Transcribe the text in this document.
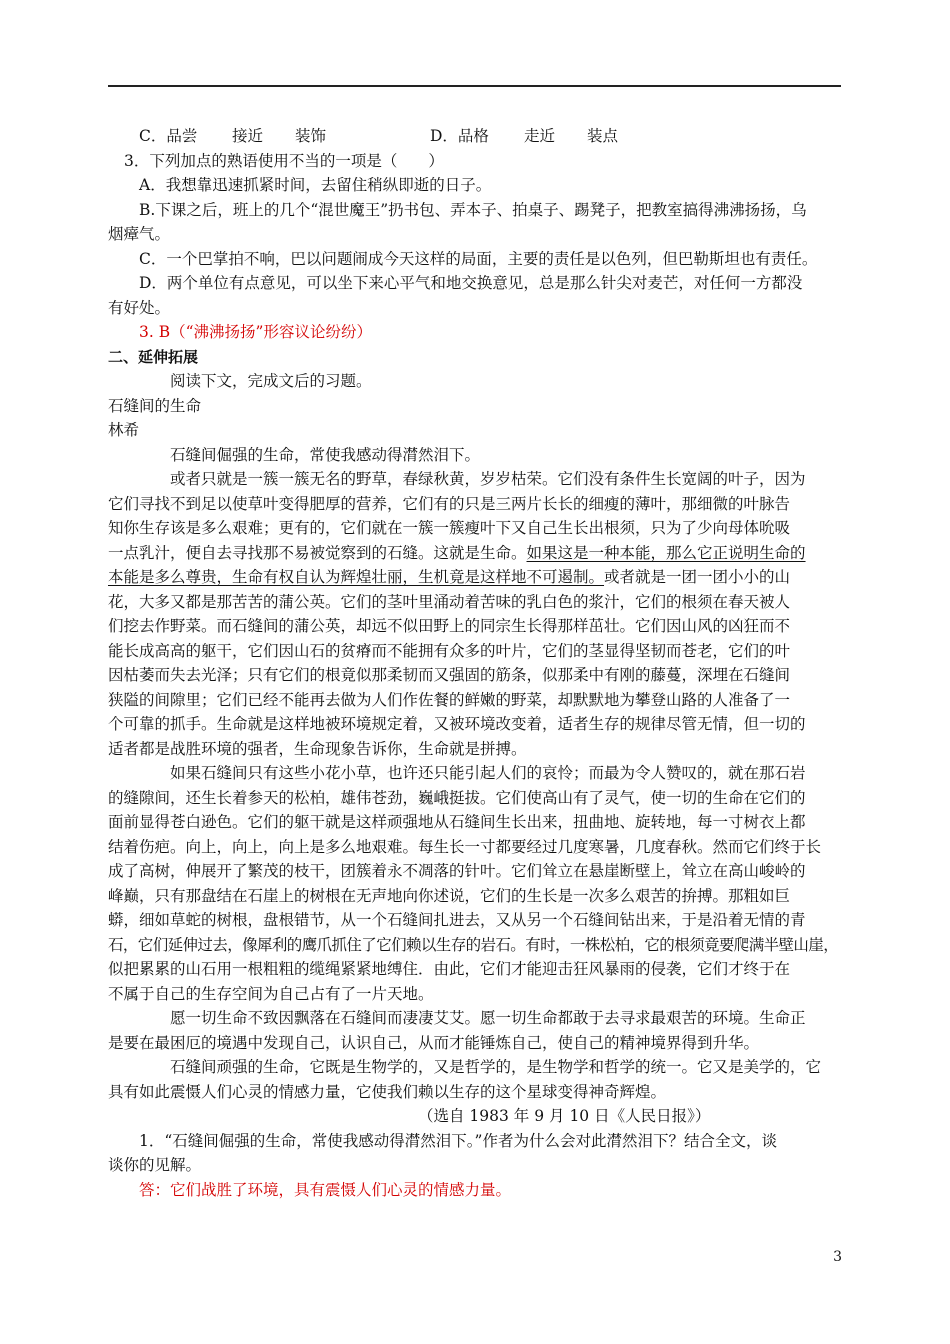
C．品尝 接近 装饰	D．品格 走近 装点
3．下列加点的熟语使用不当的一项是（　　）
A．我想靠迅速抓紧时间，去留住稍纵即逝的日子。
B.下课之后，班上的几个“混世魔王”扔书包、弄本子、拍桌子、踢凳子，把教室搞得沸沸扬扬，乌
烟瘴气。
C．一个巴掌拍不响，巴以问题闹成今天这样的局面，主要的责任是以色列，但巴勒斯坦也有责任。
D．两个单位有点意见，可以坐下来心平气和地交换意见，总是那么针尖对麦芒，对任何一方都没
有好处。
3. B（“沸沸扬扬”形容议论纷纷）
二、延伸拓展
阅读下文，完成文后的习题。
石缝间的生命
林希
石缝间倔强的生命，常使我感动得潸然泪下。
或者只就是一簇一簇无名的野草，春绿秋黄，岁岁枯荣。它们没有条件生长宽阔的叶子，因为
它们寻找不到足以使草叶变得肥厚的营养，它们有的只是三两片长长的细瘦的薄叶，那细微的叶脉告
知你生存该是多么艰难；更有的，它们就在一簇一簇瘦叶下又自己生长出根须，只为了少向母体吮吸
一点乳汁，便自去寻找那不易被觉察到的石缝。这就是生命。如果这是一种本能，那么它正说明生命的
本能是多么尊贵，生命有权自认为辉煌壮丽，生机竟是这样地不可遏制。或者就是一团一团小小的山
花，大多又都是那苦苦的蒲公英。它们的茎叶里涌动着苦味的乳白色的浆汁，它们的根须在春天被人
们挖去作野菜。而石缝间的蒲公英，却远不似田野上的同宗生长得那样茁壮。它们因山风的凶狂而不
能长成高高的躯干，它们因山石的贫瘠而不能拥有众多的叶片，它们的茎显得坚韧而苍老，它们的叶
因枯萎而失去光泽；只有它们的根竟似那柔韧而又强固的筋条，似那柔中有刚的藤蔓，深埋在石缝间
狭隘的间隙里；它们已经不能再去做为人们作佐餐的鲜嫩的野菜，却默默地为攀登山路的人准备了一
个可靠的抓手。生命就是这样地被环境规定着，又被环境改变着，适者生存的规律尽管无情，但一切的
适者都是战胜环境的强者，生命现象告诉你，生命就是拼搏。
如果石缝间只有这些小花小草，也许还只能引起人们的哀怜；而最为令人赞叹的，就在那石岩
的缝隙间，还生长着参天的松柏，雄伟苍劲，巍峨挺拔。它们使高山有了灵气，使一切的生命在它们的
面前显得苍白逊色。它们的躯干就是这样顽强地从石缝间生长出来，扭曲地、旋转地，每一寸树衣上都
结着伤疤。向上，向上，向上是多么地艰难。每生长一寸都要经过几度寒暑，几度春秋。然而它们终于长
成了高树，伸展开了繁茂的枝干，团簇着永不凋落的针叶。它们耸立在悬崖断壁上，耸立在高山峻岭的
峰巅，只有那盘结在石崖上的树根在无声地向你述说，它们的生长是一次多么艰苦的拚搏。那粗如巨
蟒，细如草蛇的树根，盘根错节，从一个石缝间扎进去，又从另一个石缝间钻出来，于是沿着无情的青
石，它们延伸过去，像犀利的鹰爪抓住了它们赖以生存的岩石。有时，一株松柏，它的根须竟要爬满半壁山崖，
似把累累的山石用一根粗粗的缆绳紧紧地缚住．由此，它们才能迎击狂风暴雨的侵袭，它们才终于在
不属于自己的生存空间为自己占有了一片天地。
愿一切生命不致因飘落在石缝间而凄凄艾艾。愿一切生命都敢于去寻求最艰苦的环境。生命正
是要在最困厄的境遇中发现自己，认识自己，从而才能锤炼自己，使自己的精神境界得到升华。
石缝间顽强的生命，它既是生物学的，又是哲学的，是生物学和哲学的统一。它又是美学的，它
具有如此震慑人们心灵的情感力量，它使我们赖以生存的这个星球变得神奇辉煌。
（选自 1983 年 9 月 10 日《人民日报》）
1．“石缝间倔强的生命，常使我感动得潸然泪下。”作者为什么会对此潸然泪下？结合全文，谈
谈你的见解。
答：它们战胜了环境，具有震慑人们心灵的情感力量。
3
